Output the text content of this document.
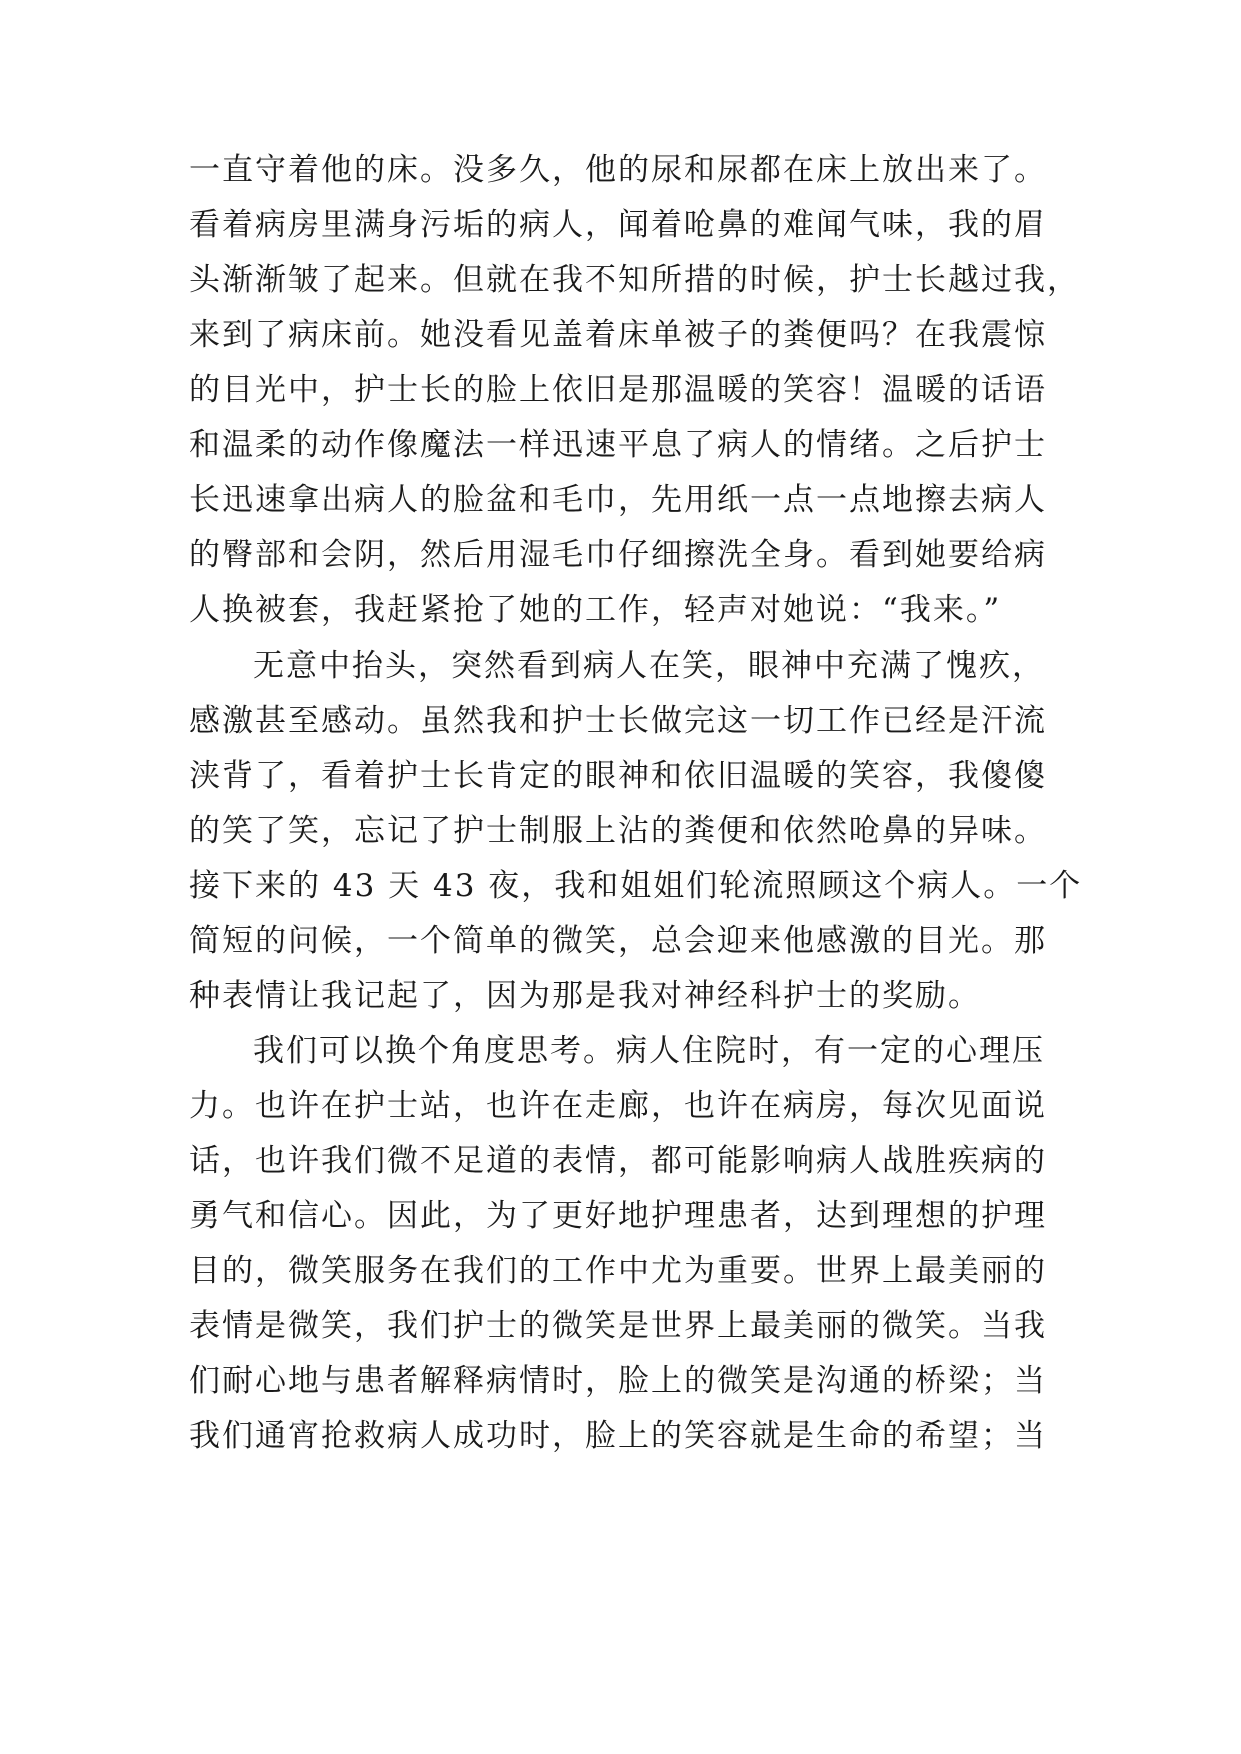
一直守着他的床。没多久，他的尿和尿都在床上放出来了。
看着病房里满身污垢的病人，闻着呛鼻的难闻气味，我的眉
头渐渐皱了起来。但就在我不知所措的时候，护士长越过我，
来到了病床前。她没看见盖着床单被子的粪便吗？在我震惊
的目光中，护士长的脸上依旧是那温暖的笑容！温暖的话语
和温柔的动作像魔法一样迅速平息了病人的情绪。之后护士
长迅速拿出病人的脸盆和毛巾，先用纸一点一点地擦去病人
的臀部和会阴，然后用湿毛巾仔细擦洗全身。看到她要给病
人换被套，我赶紧抢了她的工作，轻声对她说：“我来。”
无意中抬头，突然看到病人在笑，眼神中充满了愧疚，
感激甚至感动。虽然我和护士长做完这一切工作已经是汗流
浃背了，看着护士长肯定的眼神和依旧温暖的笑容，我傻傻
的笑了笑，忘记了护士制服上沾的粪便和依然呛鼻的异味。
接下来的 43 天 43 夜，我和姐姐们轮流照顾这个病人。一个
简短的问候，一个简单的微笑，总会迎来他感激的目光。那
种表情让我记起了，因为那是我对神经科护士的奖励。
我们可以换个角度思考。病人住院时，有一定的心理压
力。也许在护士站，也许在走廊，也许在病房，每次见面说
话，也许我们微不足道的表情，都可能影响病人战胜疾病的
勇气和信心。因此，为了更好地护理患者，达到理想的护理
目的，微笑服务在我们的工作中尤为重要。世界上最美丽的
表情是微笑，我们护士的微笑是世界上最美丽的微笑。当我
们耐心地与患者解释病情时，脸上的微笑是沟通的桥梁；当
我们通宵抢救病人成功时，脸上的笑容就是生命的希望；当
